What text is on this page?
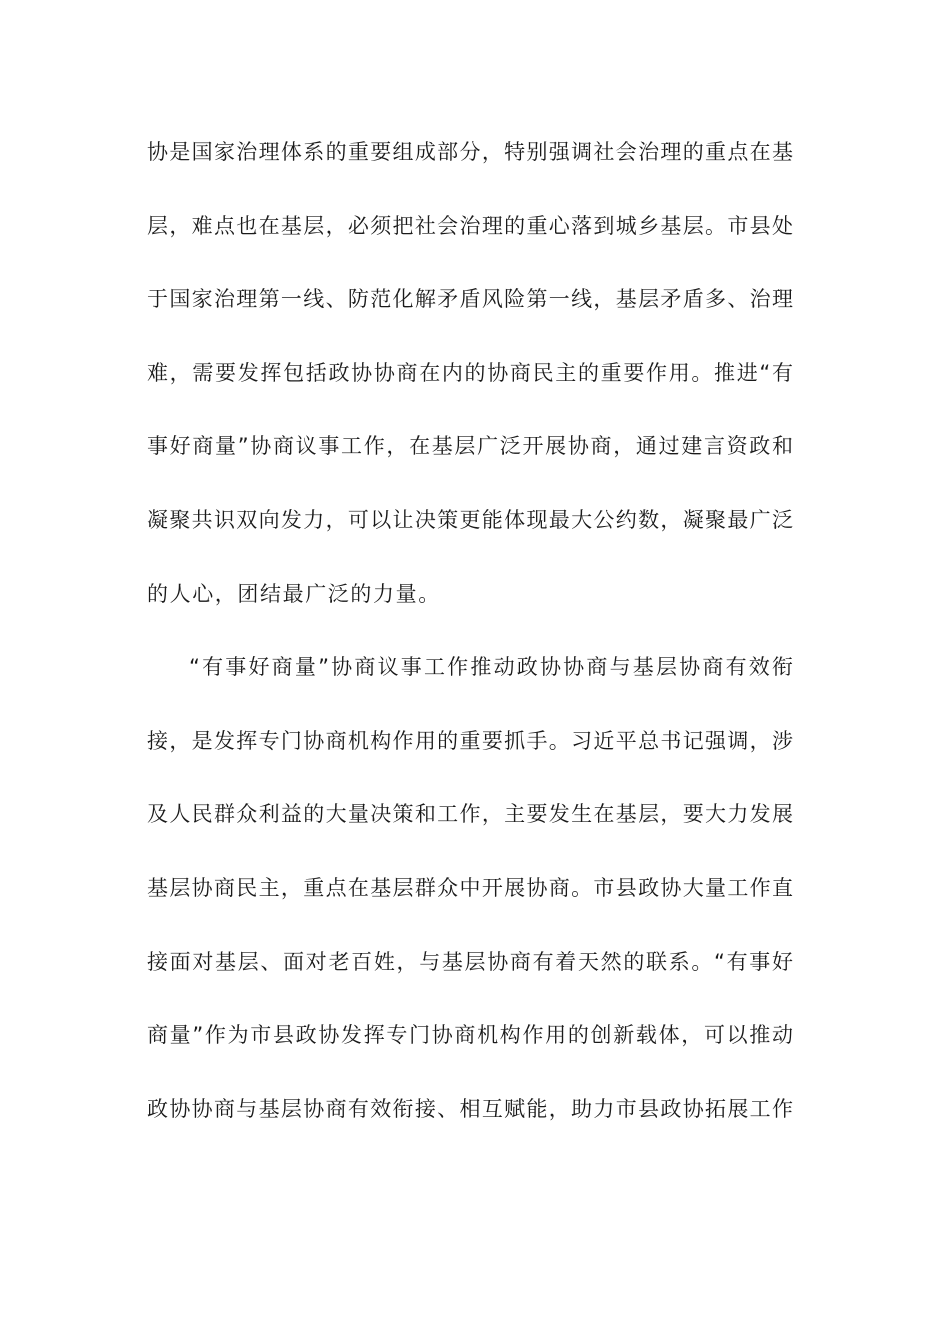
协是国家治理体系的重要组成部分，特别强调社会治理的重点在基
层，难点也在基层，必须把社会治理的重心落到城乡基层。市县处
于国家治理第一线、防范化解矛盾风险第一线，基层矛盾多、治理
难，需要发挥包括政协协商在内的协商民主的重要作用。推进“有
事好商量”协商议事工作，在基层广泛开展协商，通过建言资政和
凝聚共识双向发力，可以让决策更能体现最大公约数，凝聚最广泛
的人心，团结最广泛的力量。
“有事好商量”协商议事工作推动政协协商与基层协商有效衔
接，是发挥专门协商机构作用的重要抓手。习近平总书记强调，涉
及人民群众利益的大量决策和工作，主要发生在基层，要大力发展
基层协商民主，重点在基层群众中开展协商。市县政协大量工作直
接面对基层、面对老百姓，与基层协商有着天然的联系。“有事好
商量”作为市县政协发挥专门协商机构作用的创新载体，可以推动
政协协商与基层协商有效衔接、相互赋能，助力市县政协拓展工作
